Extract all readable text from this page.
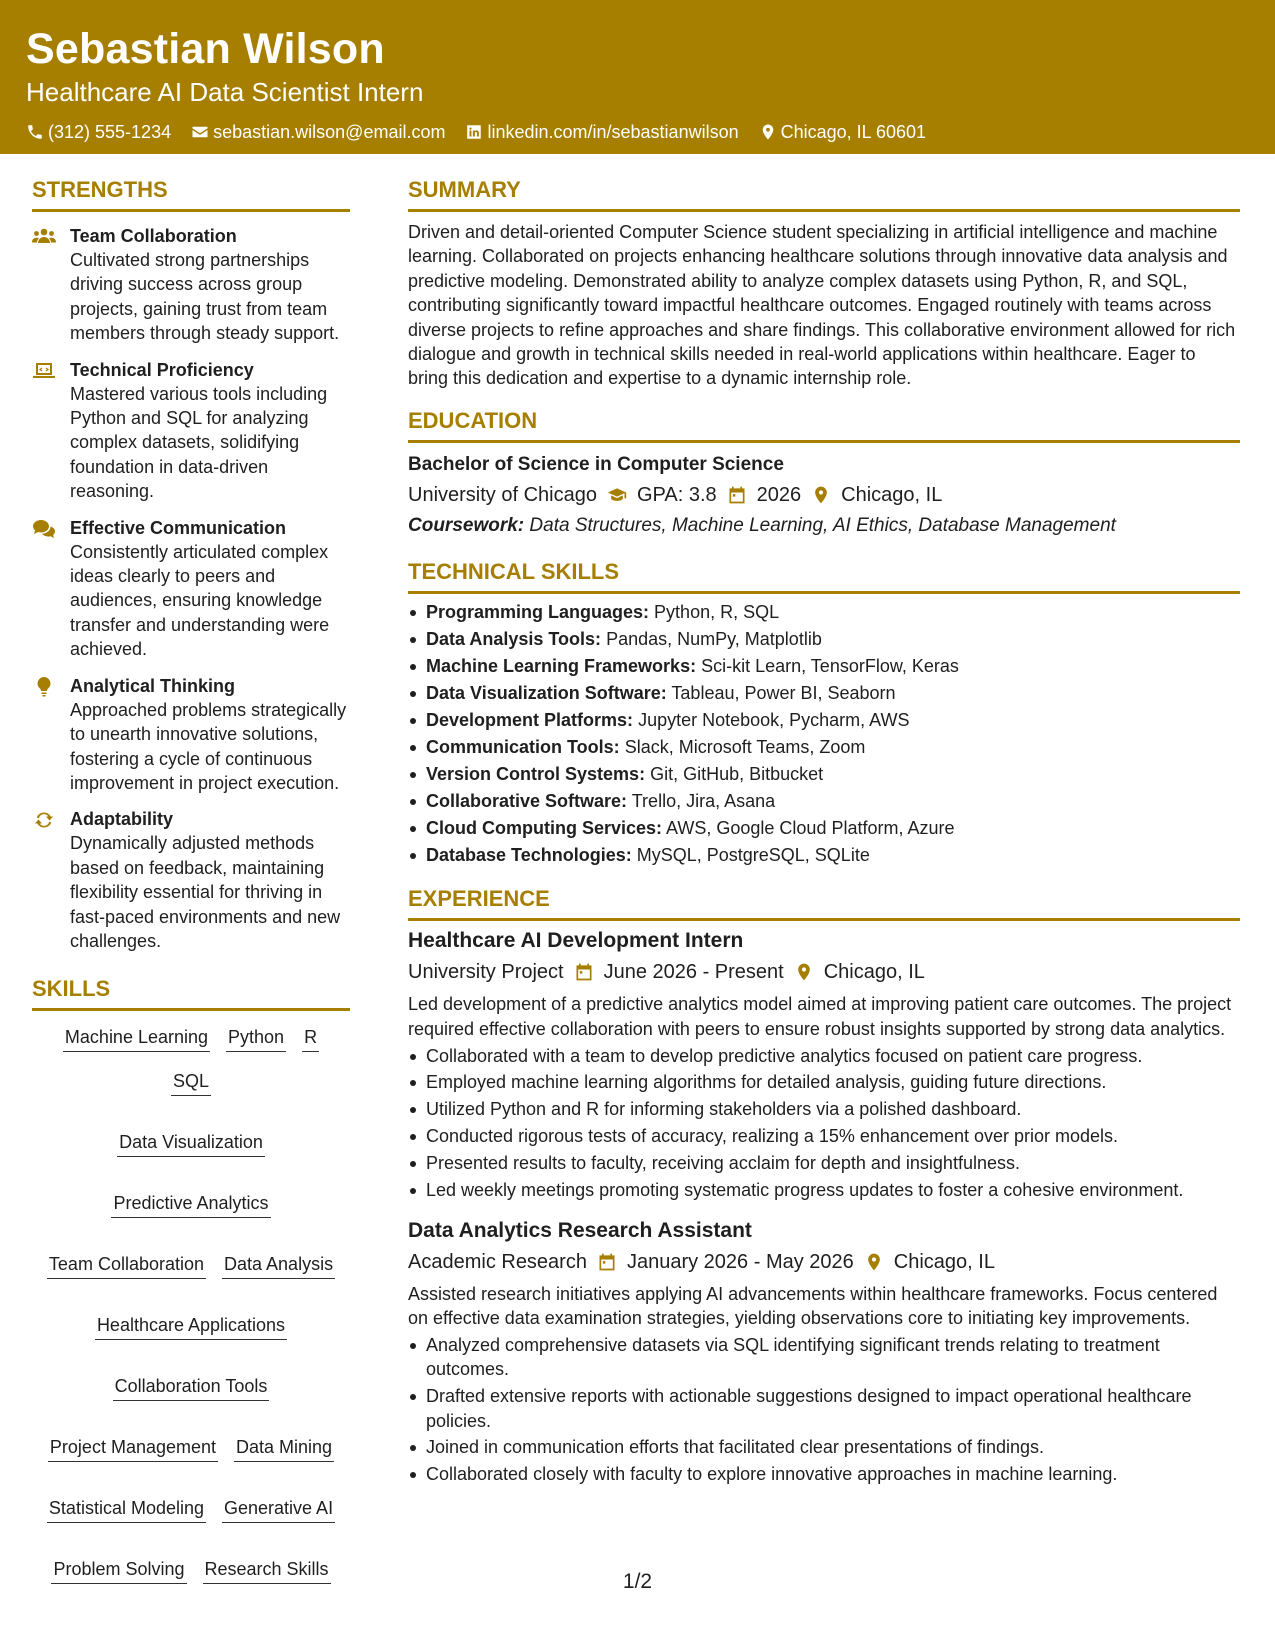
Sebastian Wilson
Healthcare AI Data Scientist Intern
(312) 555-1234 sebastian.wilson@email.com linkedin.com/in/sebastianwilson Chicago, IL 60601
STRENGTHS
Team Collaboration
Cultivated strong partnerships driving success across group projects, gaining trust from team members through steady support.
Technical Proficiency
Mastered various tools including Python and SQL for analyzing complex datasets, solidifying foundation in data-driven reasoning.
Effective Communication
Consistently articulated complex ideas clearly to peers and audiences, ensuring knowledge transfer and understanding were achieved.
Analytical Thinking
Approached problems strategically to unearth innovative solutions, fostering a cycle of continuous improvement in project execution.
Adaptability
Dynamically adjusted methods based on feedback, maintaining flexibility essential for thriving in fast-paced environments and new challenges.
SKILLS
Machine Learning Python R
SQL
Data Visualization
Predictive Analytics
Team Collaboration Data Analysis
Healthcare Applications
Collaboration Tools
Project Management Data Mining
Statistical Modeling Generative AI
Problem Solving Research Skills
SUMMARY
Driven and detail-oriented Computer Science student specializing in artificial intelligence and machine learning. Collaborated on projects enhancing healthcare solutions through innovative data analysis and predictive modeling. Demonstrated ability to analyze complex datasets using Python, R, and SQL, contributing significantly toward impactful healthcare outcomes. Engaged routinely with teams across diverse projects to refine approaches and share findings. This collaborative environment allowed for rich dialogue and growth in technical skills needed in real-world applications within healthcare. Eager to bring this dedication and expertise to a dynamic internship role.
EDUCATION
Bachelor of Science in Computer Science
University of Chicago GPA: 3.8 2026 Chicago, IL
Coursework: Data Structures, Machine Learning, AI Ethics, Database Management
TECHNICAL SKILLS
Programming Languages: Python, R, SQL
Data Analysis Tools: Pandas, NumPy, Matplotlib
Machine Learning Frameworks: Sci-kit Learn, TensorFlow, Keras
Data Visualization Software: Tableau, Power BI, Seaborn
Development Platforms: Jupyter Notebook, Pycharm, AWS
Communication Tools: Slack, Microsoft Teams, Zoom
Version Control Systems: Git, GitHub, Bitbucket
Collaborative Software: Trello, Jira, Asana
Cloud Computing Services: AWS, Google Cloud Platform, Azure
Database Technologies: MySQL, PostgreSQL, SQLite
EXPERIENCE
Healthcare AI Development Intern
University Project June 2026 - Present Chicago, IL
Led development of a predictive analytics model aimed at improving patient care outcomes. The project required effective collaboration with peers to ensure robust insights supported by strong data analytics.
Collaborated with a team to develop predictive analytics focused on patient care progress.
Employed machine learning algorithms for detailed analysis, guiding future directions.
Utilized Python and R for informing stakeholders via a polished dashboard.
Conducted rigorous tests of accuracy, realizing a 15% enhancement over prior models.
Presented results to faculty, receiving acclaim for depth and insightfulness.
Led weekly meetings promoting systematic progress updates to foster a cohesive environment.
Data Analytics Research Assistant
Academic Research January 2026 - May 2026 Chicago, IL
Assisted research initiatives applying AI advancements within healthcare frameworks. Focus centered on effective data examination strategies, yielding observations core to initiating key improvements.
Analyzed comprehensive datasets via SQL identifying significant trends relating to treatment outcomes.
Drafted extensive reports with actionable suggestions designed to impact operational healthcare policies.
Joined in communication efforts that facilitated clear presentations of findings.
Collaborated closely with faculty to explore innovative approaches in machine learning.
1/2
